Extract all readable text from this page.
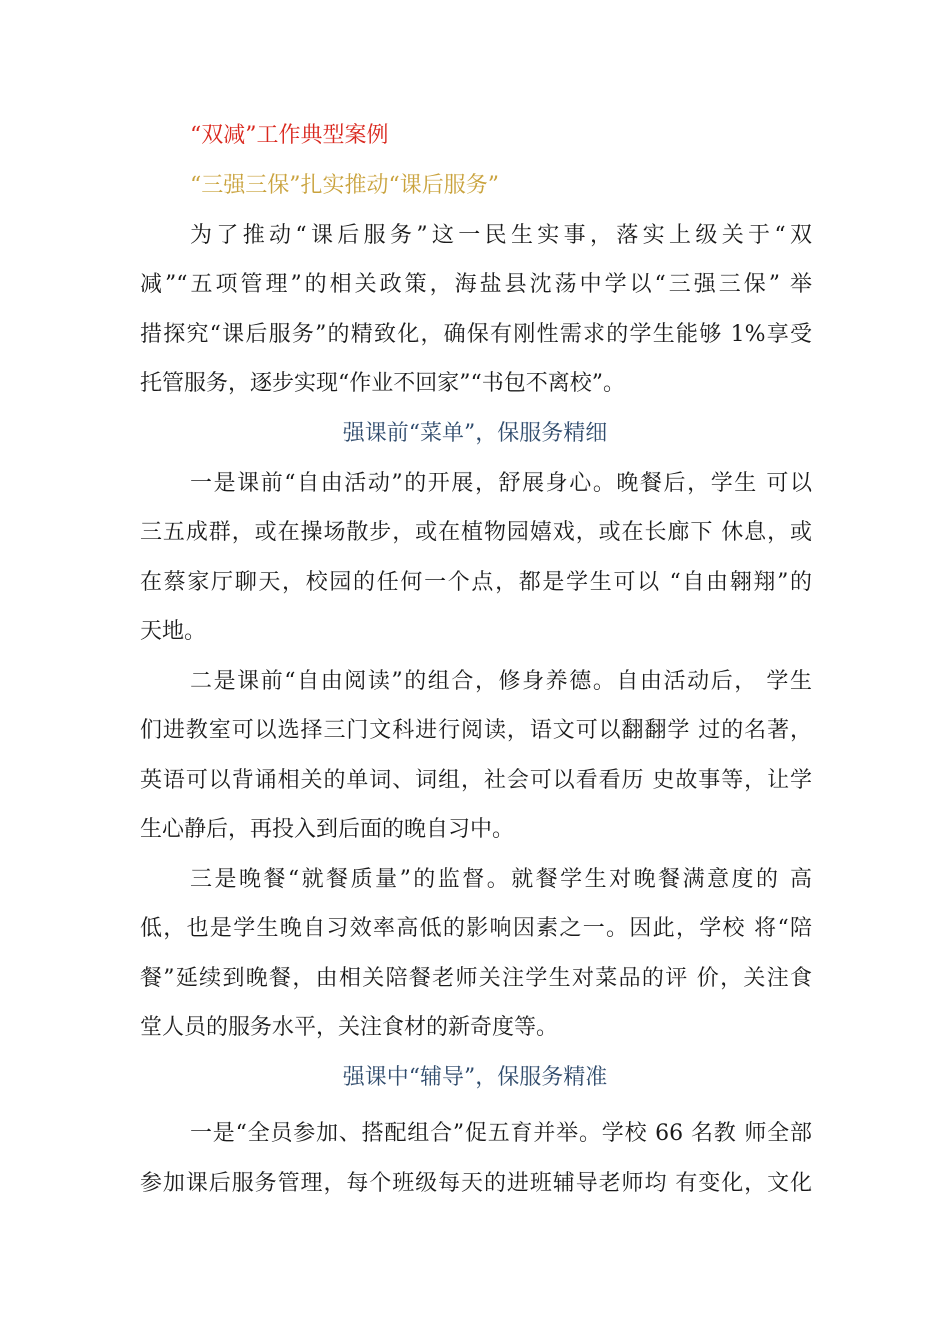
“双减”工作典型案例
“三强三保”扎实推动“课后服务”
为了推动“课后服务”这一民生实事，落实上级关于“双
减”“五项管理”的相关政策，海盐县沈荡中学以“三强三保” 举
措探究“课后服务”的精致化，确保有刚性需求的学生能够 1%享受
托管服务，逐步实现“作业不回家”“书包不离校”。
强课前“菜单”，保服务精细
一是课前“自由活动”的开展，舒展身心。晚餐后，学生 可以
三五成群，或在操场散步，或在植物园嬉戏，或在长廊下 休息，或
在蔡家厅聊天，校园的任何一个点，都是学生可以 “自由翱翔”的
天地。
二是课前“自由阅读”的组合，修身养德。自由活动后， 学生
们进教室可以选择三门文科进行阅读，语文可以翻翻学 过的名著，
英语可以背诵相关的单词、词组，社会可以看看历 史故事等，让学
生心静后，再投入到后面的晚自习中。
三是晚餐“就餐质量”的监督。就餐学生对晚餐满意度的 高
低，也是学生晚自习效率高低的影响因素之一。因此，学校 将“陪
餐”延续到晚餐，由相关陪餐老师关注学生对菜品的评 价，关注食
堂人员的服务水平，关注食材的新奇度等。
强课中“辅导”，保服务精准
一是“全员参加、搭配组合”促五育并举。学校 66 名教 师全部
参加课后服务管理，每个班级每天的进班辅导老师均 有变化，文化
